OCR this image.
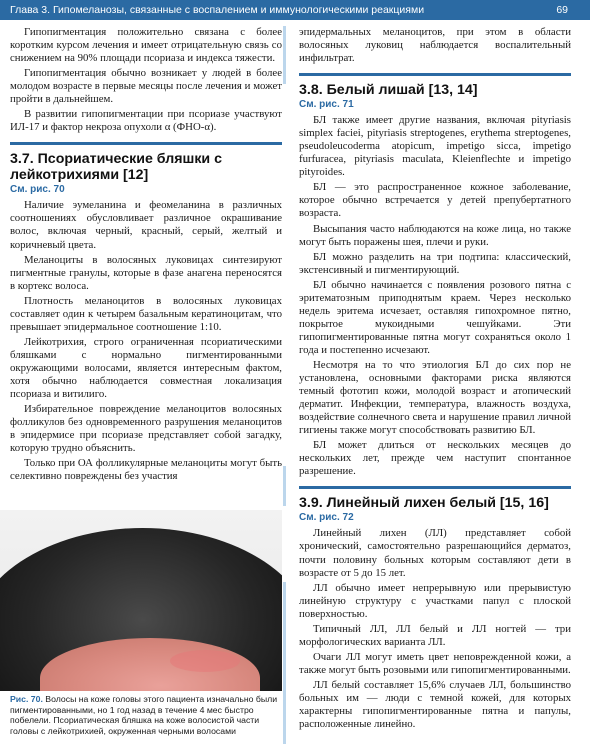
Глава 3. Гипомеланозы, связанные с воспалением и иммунологическими реакциями	69

Гипопигментация положительно связана с более коротким курсом лечения и имеет отрицательную связь со снижением на 90% площади псориаза и индекса тяжести.

Гипопигментация обычно возникает у людей в более молодом возрасте в первые месяцы после лечения и может пройти в дальнейшем.

В развитии гипопигментации при псориазе участвуют ИЛ-17 и фактор некроза опухоли α (ФНО-α).

3.7. Псориатические бляшки с лейкотрихиями [12]
См. рис. 70

Наличие эумеланина и феомеланина в различных соотношениях обусловливает различное окрашивание волос, включая черный, красный, серый, желтый и коричневый цвета.

Меланоциты в волосяных луковицах синтезируют пигментные гранулы, которые в фазе анагена переносятся в кортекс волоса.

Плотность меланоцитов в волосяных луковицах составляет один к четырем базальным кератиноцитам, что превышает эпидермальное соотношение 1:10.

Лейкотрихия, строго ограниченная псориатическими бляшками с нормально пигментированными окружающими волосами, является интересным фактом, хотя обычно наблюдается совместная локализация псориаза и витилиго.

Избирательное повреждение меланоцитов волосяных фолликулов без одновременного разрушения меланоцитов в эпидермисе при псориазе представляет собой загадку, которую трудно объяснить.

Только при ОА фолликулярные меланоциты могут быть селективно повреждены без участия

Рис. 70. Волосы на коже головы этого пациента изначально были пигментированными, но 1 год назад в течение 4 мес быстро побелели. Псориатическая бляшка на коже волосистой части головы с лейкотрихией, окруженная черными волосами

эпидермальных меланоцитов, при этом в области волосяных луковиц наблюдается воспалительный инфильтрат.

3.8. Белый лишай [13, 14]
См. рис. 71

БЛ также имеет другие названия, включая pityriasis simplex faciei, pityriasis streptogenes, erythema streptogenes, pseudoleucoderma atopicum, impetigo sicca, impetigo furfuracea, pityriasis maculata, Kleienflechte и impetigo pityroides.

БЛ — это распространенное кожное заболевание, которое обычно встречается у детей препубертатного возраста.

Высыпания часто наблюдаются на коже лица, но также могут быть поражены шея, плечи и руки.

БЛ можно разделить на три подтипа: классический, экстенсивный и пигментирующий.

БЛ обычно начинается с появления розового пятна с эритематозным приподнятым краем. Через несколько недель эритема исчезает, оставляя гипохромное пятно, покрытое мукоидными чешуйками. Эти гипопигментированные пятна могут сохраняться около 1 года и постепенно исчезают.

Несмотря на то что этиология БЛ до сих пор не установлена, основными факторами риска являются темный фототип кожи, молодой возраст и атопический дерматит. Инфекции, температура, влажность воздуха, воздействие солнечного света и нарушение правил личной гигиены также могут способствовать развитию БЛ.

БЛ может длиться от нескольких месяцев до нескольких лет, прежде чем наступит спонтанное разрешение.

3.9. Линейный лихен белый [15, 16]
См. рис. 72

Линейный лихен (ЛЛ) представляет собой хронический, самостоятельно разрешающийся дерматоз, почти половину больных которым составляют дети в возрасте от 5 до 15 лет.

ЛЛ обычно имеет непрерывную или прерывистую линейную структуру с участками папул с плоской поверхностью.

Типичный ЛЛ, ЛЛ белый и ЛЛ ногтей — три морфологических варианта ЛЛ.

Очаги ЛЛ могут иметь цвет неповрежденной кожи, а также могут быть розовыми или гипопигментированными.

ЛЛ белый составляет 15,6% случаев ЛЛ, большинство больных им — люди с темной кожей, для которых характерны гипопигментированные пятна и папулы, расположенные линейно.
